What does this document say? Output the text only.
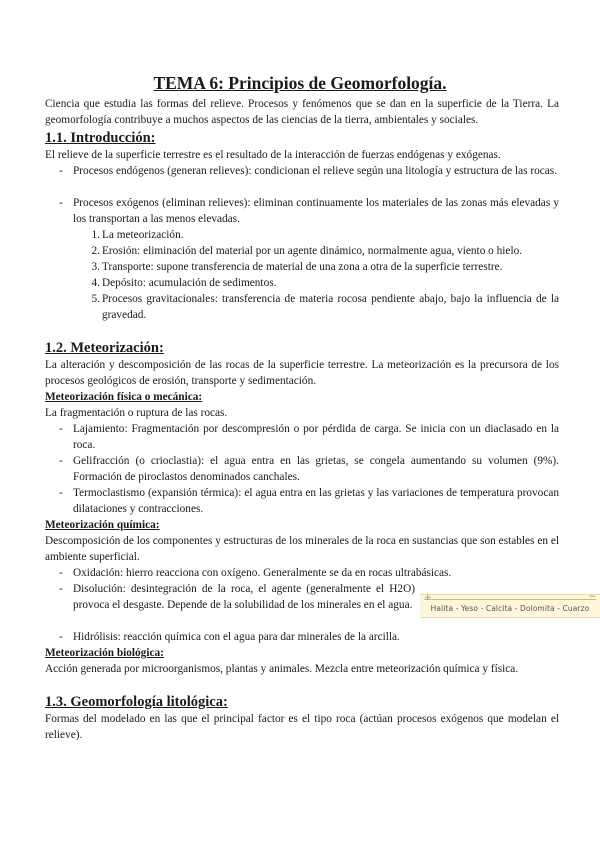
TEMA 6: Principios de Geomorfología.

Ciencia que estudia las formas del relieve. Procesos y fenómenos que se dan en la superficie de la Tierra. La geomorfología contribuye a muchos aspectos de las ciencias de la tierra, ambientales y sociales.

1.1. Introducción:

El relieve de la superficie terrestre es el resultado de la interacción de fuerzas endógenas y exógenas.

- Procesos endógenos (generan relieves): condicionan el relieve según una litología y estructura de las rocas.

- Procesos exógenos (eliminan relieves): eliminan continuamente los materiales de las zonas más elevadas y los transportan a las menos elevadas.

1. La meteorización.

2. Erosión: eliminación del material por un agente dinámico, normalmente agua, viento o hielo.

3. Transporte: supone transferencia de material de una zona a otra de la superficie terrestre.

4. Depósito: acumulación de sedimentos.

5. Procesos gravitacionales: transferencia de materia rocosa pendiente abajo, bajo la influencia de la gravedad.

1.2. Meteorización:

La alteración y descomposición de las rocas de la superficie terrestre. La meteorización es la precursora de los procesos geológicos de erosión, transporte y sedimentación.

Meteorización física o mecánica:

La fragmentación o ruptura de las rocas.

- Lajamiento: Fragmentación por descompresión o por pérdida de carga. Se inicia con un diaclasado en la roca.

- Gelifracción (o crioclastia): el agua entra en las grietas, se congela aumentando su volumen (9%). Formación de piroclastos denominados canchales.

- Termoclastismo (expansión térmica): el agua entra en las grietas y las variaciones de temperatura provocan dilataciones y contracciones.

Meteorización química:

Descomposición de los componentes y estructuras de los minerales de la roca en sustancias que son estables en el ambiente superficial.

- Oxidación: hierro reacciona con oxígeno. Generalmente se da en rocas ultrabásicas.

- Disolución: desintegración de la roca, el agente (generalmente el H2O) provoca el desgaste. Depende de la solubilidad de los minerales en el agua.

- Hidrólisis: reacción química con el agua para dar minerales de la arcilla.

+	−
Halita - Yeso - Calcita - Dolomita - Cuarzo
Meteorización biológica:

Acción generada por microorganismos, plantas y animales. Mezcla entre meteorización química y física.

1.3. Geomorfología litológica:

Formas del modelado en las que el principal factor es el tipo roca (actúan procesos exógenos que modelan el relieve).
